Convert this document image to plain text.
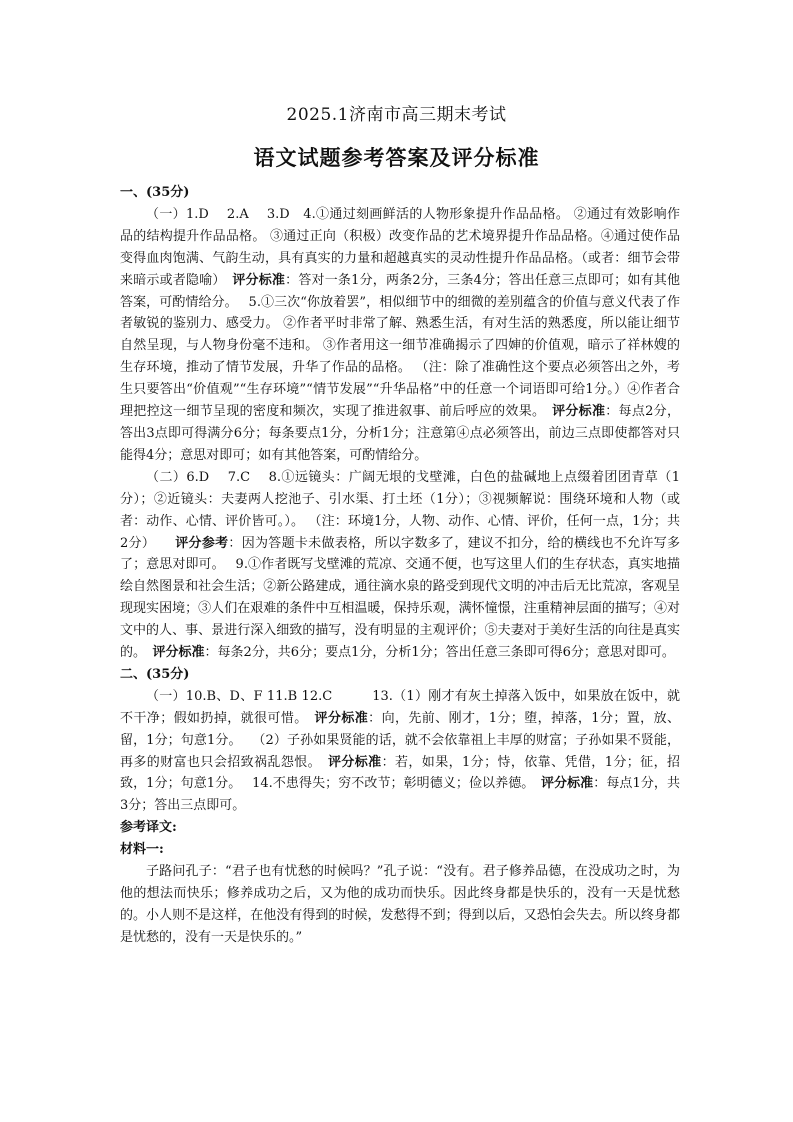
2025.1济南市高三期末考试
语文试题参考答案及评分标准
一、(35分)

（一）1.D　 2.A　 3.D　4.①通过刻画鲜活的人物形象提升作品品格。 ②通过有效影响作品的结构提升作品品格。 ③通过正向（积极）改变作品的艺术境界提升作品品格。④通过使作品变得血肉饱满、气韵生动，具有真实的力量和超越真实的灵动性提升作品品格。（或者：细节会带来暗示或者隐喻）　评分标准：答对一条1分，两条2分，三条4分；答出任意三点即可；如有其他答案，可酌情给分。　 5.①三次“你放着罢”，相似细节中的细微的差别蕴含的价值与意义代表了作者敏锐的鉴别力、感受力。 ②作者平时非常了解、熟悉生活，有对生活的熟悉度，所以能让细节自然呈现，与人物身份毫不违和。 ③作者用这一细节准确揭示了四婶的价值观，暗示了祥林嫂的生存环境，推动了情节发展，升华了作品的品格。 （注：除了准确性这个要点必须答出之外，考生只要答出“价值观”“生存环境”“情节发展”“升华品格”中的任意一个词语即可给1分。）④作者合理把控这一细节呈现的密度和频次，实现了推进叙事、前后呼应的效果。　评分标准：每点2分，答出3点即可得满分6分；每条要点1分，分析1分；注意第④点必须答出，前边三点即使都答对只能得4分；意思对即可；如有其他答案，可酌情给分。

（二）6.D　 7.C　 8.①远镜头：广阔无垠的戈壁滩，白色的盐碱地上点缀着团团青草（1分）；②近镜头：夫妻两人挖池子、引水渠、打土坯（1分）；③视频解说：围绕环境和人物（或者：动作、心情、评价皆可。）。 （注：环境1分，人物、动作、心情、评价，任何一点，1分；共2分）　　评分参考：因为答题卡未做表格，所以字数多了，建议不扣分，给的横线也不允许写多了；意思对即可。　 9.①作者既写戈壁滩的荒凉、交通不便，也写这里人们的生存状态，真实地描绘自然图景和社会生活；②新公路建成，通往滴水泉的路受到现代文明的冲击后无比荒凉，客观呈现现实困境；③人们在艰难的条件中互相温暖，保持乐观，满怀憧憬，注重精神层面的描写；④对文中的人、事、景进行深入细致的描写，没有明显的主观评价；⑤夫妻对于美好生活的向往是真实的。　评分标准：每条2分，共6分；要点1分，分析1分；答出任意三条即可得6分；意思对即可。

二、(35分)

（一）10.B、D、F 11.B 12.C　　　13.（1）刚才有灰土掉落入饭中，如果放在饭中，就不干净；假如扔掉，就很可惜。　评分标准：向，先前、刚才，1分；堕，掉落，1分；置，放、留，1分；句意1分。　 （2）子孙如果贤能的话，就不会依靠祖上丰厚的财富；子孙如果不贤能，再多的财富也只会招致祸乱怨恨。　评分标准：若，如果，1分；恃，依靠、凭借，1分；征，招致，1分；句意1分。　 14.不患得失；穷不改节；彰明德义；俭以养德。　评分标准：每点1分，共3分；答出三点即可。

参考译文:
材料一:

子路问孔子：“君子也有忧愁的时候吗？”孔子说：“没有。君子修养品德，在没成功之时，为他的想法而快乐；修养成功之后，又为他的成功而快乐。因此终身都是快乐的，没有一天是忧愁的。小人则不是这样，在他没有得到的时候，发愁得不到；得到以后，又恐怕会失去。所以终身都是忧愁的，没有一天是快乐的。”
